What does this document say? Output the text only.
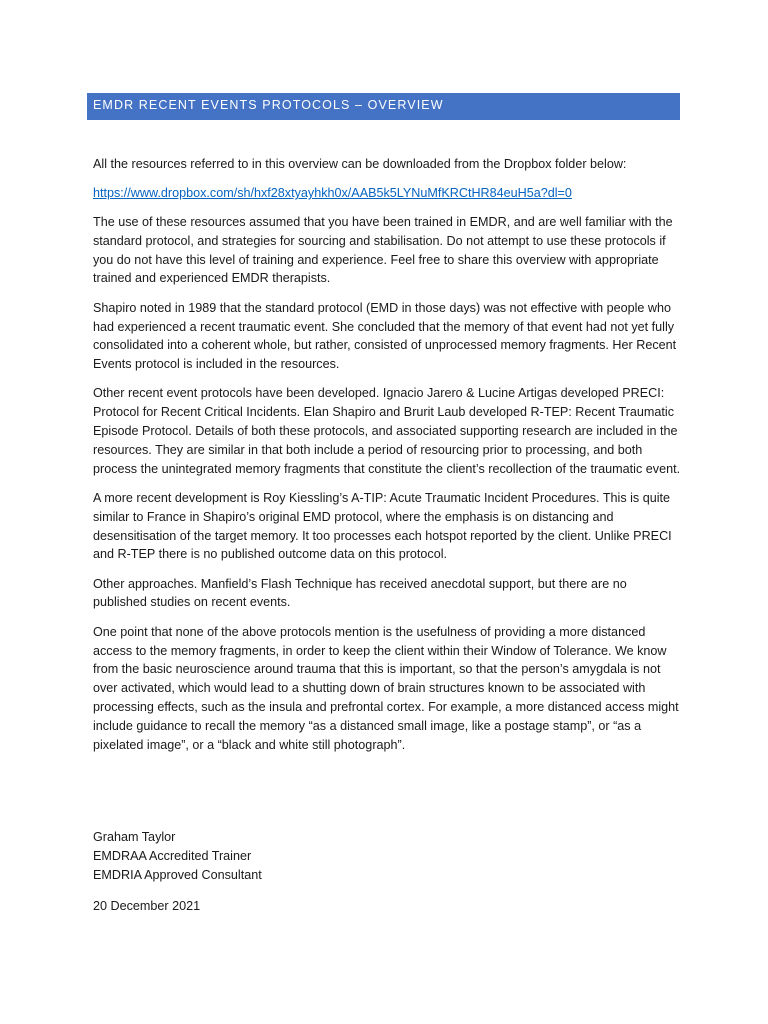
EMDR RECENT EVENTS PROTOCOLS – OVERVIEW

All the resources referred to in this overview can be downloaded from the Dropbox folder below:

https://www.dropbox.com/sh/hxf28xtyayhkh0x/AAB5k5LYNuMfKRCtHR84euH5a?dl=0

The use of these resources assumed that you have been trained in EMDR, and are well familiar with the standard protocol, and strategies for sourcing and stabilisation. Do not attempt to use these protocols if you do not have this level of training and experience. Feel free to share this overview with appropriate trained and experienced EMDR therapists.

Shapiro noted in 1989 that the standard protocol (EMD in those days) was not effective with people who had experienced a recent traumatic event. She concluded that the memory of that event had not yet fully consolidated into a coherent whole, but rather, consisted of unprocessed memory fragments. Her Recent Events protocol is included in the resources.

Other recent event protocols have been developed. Ignacio Jarero & Lucine Artigas developed PRECI: Protocol for Recent Critical Incidents. Elan Shapiro and Brurit Laub developed R-TEP: Recent Traumatic Episode Protocol. Details of both these protocols, and associated supporting research are included in the resources. They are similar in that both include a period of resourcing prior to processing, and both process the unintegrated memory fragments that constitute the client’s recollection of the traumatic event.

A more recent development is Roy Kiessling’s A-TIP: Acute Traumatic Incident Procedures. This is quite similar to France in Shapiro’s original EMD protocol, where the emphasis is on distancing and desensitisation of the target memory. It too processes each hotspot reported by the client. Unlike PRECI and R-TEP there is no published outcome data on this protocol.

Other approaches. Manfield’s Flash Technique has received anecdotal support, but there are no published studies on recent events.

One point that none of the above protocols mention is the usefulness of providing a more distanced access to the memory fragments, in order to keep the client within their Window of Tolerance. We know from the basic neuroscience around trauma that this is important, so that the person’s amygdala is not over activated, which would lead to a shutting down of brain structures known to be associated with processing effects, such as the insula and prefrontal cortex. For example, a more distanced access might include guidance to recall the memory “as a distanced small image, like a postage stamp”, or “as a pixelated image”, or a “black and white still photograph”.

Graham Taylor
EMDRAA Accredited Trainer
EMDRIA Approved Consultant
20 December 2021
